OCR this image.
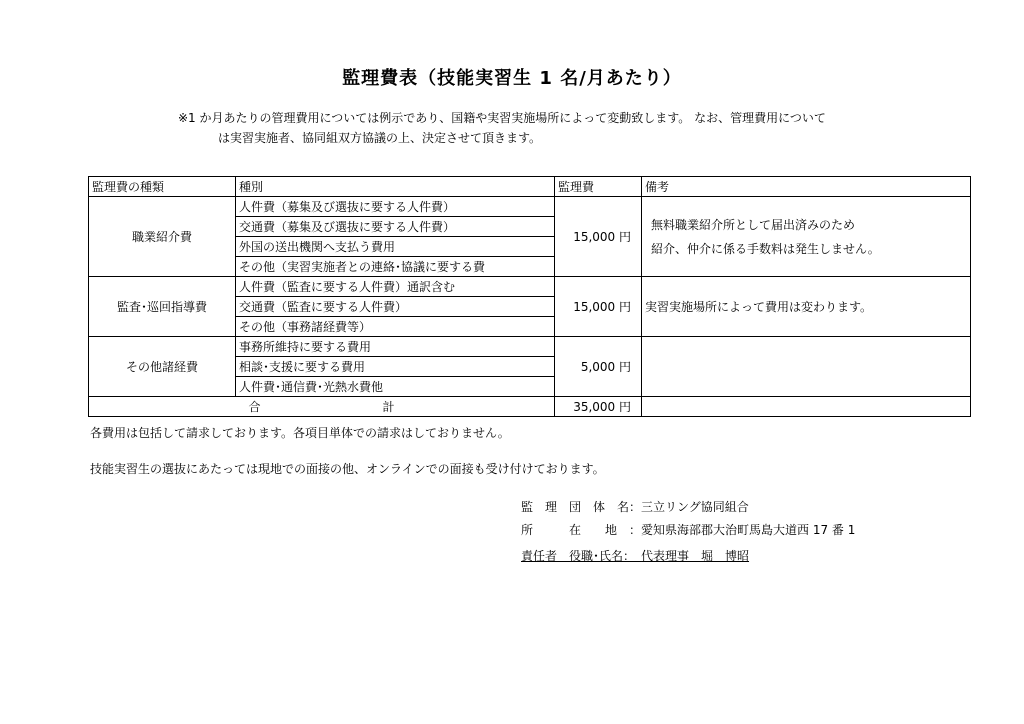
監理費表（技能実習生 1 名/月あたり）
※1 か月あたりの管理費用については例示であり、国籍や実習実施場所によって変動致します。 なお、管理費用について
は実習実施者、協同組双方協議の上、決定させて頂きます。
監理費の種類	種別	監理費	備考
職業紹介費	人件費（募集及び選抜に要する人件費）	15,000 円	無料職業紹介所として届出済みのため
紹介、仲介に係る手数料は発生しません。

	交通費（募集及び選抜に要する人件費）		
	外国の送出機関へ支払う費用		
	その他（実習実施者との連絡･協議に要する費		
監査･巡回指導費	人件費（監査に要する人件費）通訳含む	15,000 円	実習実施場所によって費用は変わります。

	交通費（監査に要する人件費）		
	その他（事務諸経費等）		
その他諸経費	事務所維持に要する費用	5,000 円	
	相談･支援に要する費用		
	人件費･通信費･光熱水費他		
合 計		35,000 円	
各費用は包括して請求しております。各項目単体での請求はしておりません。
技能実習生の選抜にあたっては現地での面接の他、オンラインでの面接も受け付けております。
監　理　団　体　名：三立リング協同組合
所　　　在　　地　：愛知県海部郡大治町馬島大道西 17 番 1
責任者　役職･氏名：　代表理事　堀　博昭
